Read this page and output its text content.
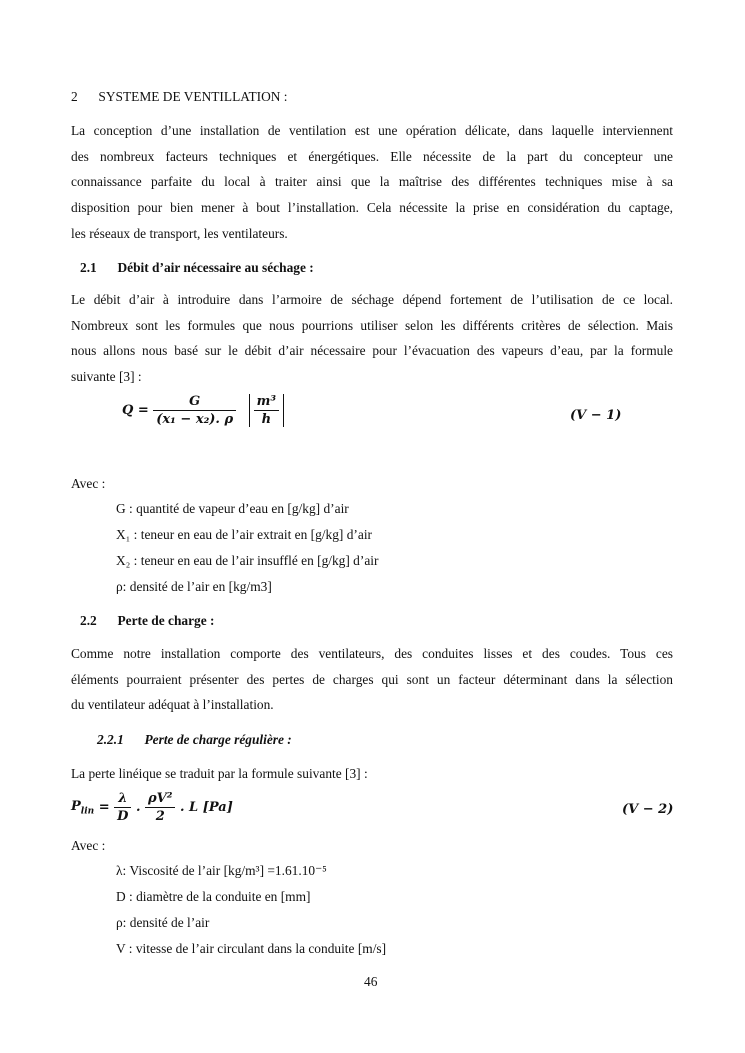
2 SYSTEME DE VENTILLATION :
La conception d’une installation de ventilation est une opération délicate, dans laquelle interviennent
des nombreux facteurs techniques et énergétiques. Elle nécessite de la part du concepteur une
connaissance parfaite du local à traiter ainsi que la maîtrise des différentes techniques mise à sa
disposition pour bien mener à bout l’installation. Cela nécessite la prise en considération du captage,
les réseaux de transport, les ventilateurs.
2.1 Débit d’air nécessaire au séchage :
Le débit d’air à introduire dans l’armoire de séchage dépend fortement de l’utilisation de ce local.
Nombreux sont les formules que nous pourrions utiliser selon les différents critères de sélection. Mais
nous allons nous basé sur le débit d’air nécessaire pour l’évacuation des vapeurs d’eau, par la formule
suivante [3] :
$Q = \frac{G}{\text{(x₁ − x₂). ρ}}$
$\frac{\text{m³}}{h}$	(V − 1)
Avec :
G : quantité de vapeur d’eau en [g/kg] d’air
X₁ : teneur en eau de l’air extrait en [g/kg] d’air
X₂ : teneur en eau de l’air insufflé en [g/kg] d’air
ρ: densité de l’air en [kg/m3]
2.2 Perte de charge :
Comme notre installation comporte des ventilateurs, des conduites lisses et des coudes. Tous ces
éléments pourraient présenter des pertes de charges qui sont un facteur déterminant dans la sélection
du ventilateur adéquat à l’installation.
2.2.1 Perte de charge régulière :
La perte linéique se traduit par la formule suivante [3] :
$P_{lin} = \frac{\lambda}{D}$ . $\frac{\text{ρV²}}{2}$ . L [Pa]	(V − 2)
Avec :
λ: Viscosité de l’air [kg/m³] =1.61.10⁻⁵
D : diamètre de la conduite en [mm]
ρ: densité de l’air
V : vitesse de l’air circulant dans la conduite [m/s]
46
